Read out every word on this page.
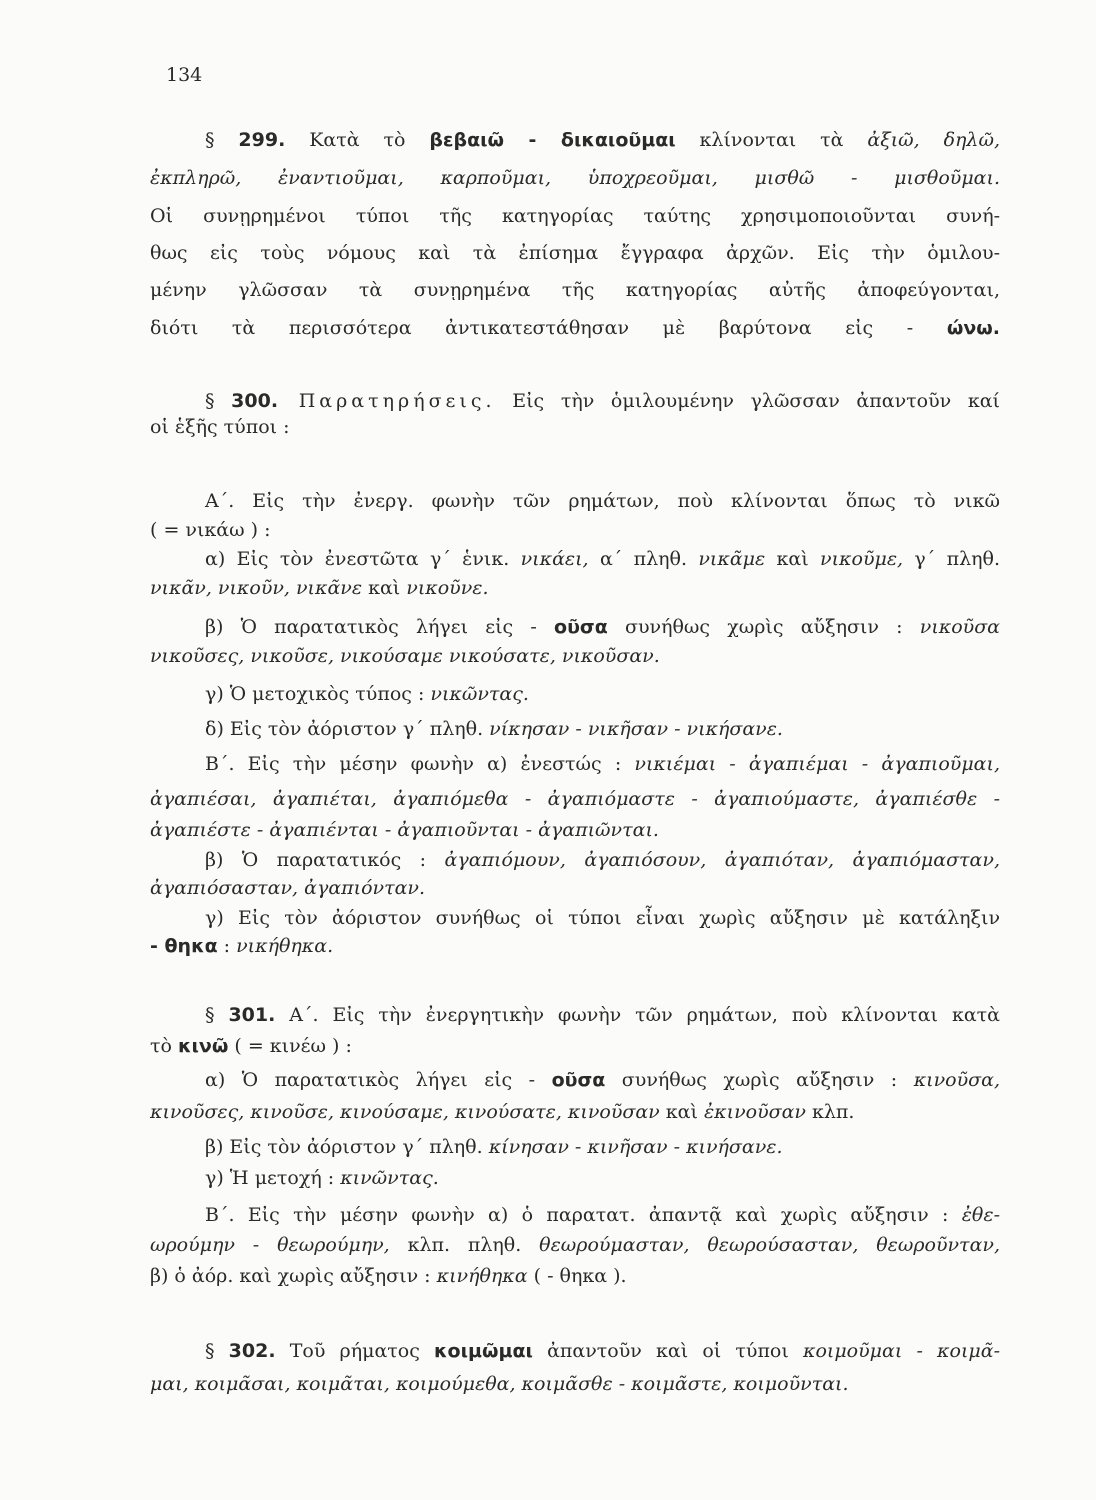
134
§ 299. Κατὰ τὸ βεβαιῶ - δικαιοῦμαι κλίνονται τὰ ἀξιῶ, δηλῶ,
ἐκπληρῶ, ἐναντιοῦμαι, καρποῦμαι, ὑποχρεοῦμαι, μισθῶ - μισθοῦμαι.
Οἱ συνῃρημένοι τύποι τῆς κατηγορίας ταύτης χρησιμοποιοῦνται συνή-
θως εἰς τοὺς νόμους καὶ τὰ ἐπίσημα ἔγγραφα ἀρχῶν. Εἰς τὴν ὁμιλου-
μένην γλῶσσαν τὰ συνῃρημένα τῆς κατηγορίας αὐτῆς ἀποφεύγονται,
διότι τὰ περισσότερα ἀντικατεστάθησαν μὲ βαρύτονα εἰς - ώνω.
§ 300. Παρατηρήσεις. Εἰς τὴν ὁμιλουμένην γλῶσσαν ἀπαντοῦν καί
οἱ ἑξῆς τύποι :
Α΄. Εἰς τὴν ἐνεργ. φωνὴν τῶν ρημάτων, ποὺ κλίνονται ὅπως τὸ νικῶ
( = νικάω ) :
α) Εἰς τὸν ἐνεστῶτα γ΄ ἑνικ. νικάει, α΄ πληθ. νικᾶμε καὶ νικοῦμε, γ΄ πληθ.
νικᾶν, νικοῦν, νικᾶνε καὶ νικοῦνε.
β) Ὁ παρατατικὸς λήγει εἰς - οῦσα συνήθως χωρὶς αὔξησιν : νικοῦσα
νικοῦσες, νικοῦσε, νικούσαμε νικούσατε, νικοῦσαν.
γ) Ὁ μετοχικὸς τύπος : νικῶντας.
δ) Εἰς τὸν ἀόριστον γ΄ πληθ. νίκησαν - νικῆσαν - νικήσανε.
Β΄. Εἰς τὴν μέσην φωνὴν α) ἐνεστώς : νικιέμαι - ἀγαπιέμαι - ἀγαπιοῦμαι,
ἀγαπιέσαι, ἀγαπιέται, ἀγαπιόμεθα - ἀγαπιόμαστε - ἀγαπιούμαστε, ἀγαπιέσθε -
ἀγαπιέστε - ἀγαπιένται - ἀγαπιοῦνται - ἀγαπιῶνται.
β) Ὁ παρατατικός : ἀγαπιόμουν, ἀγαπιόσουν, ἀγαπιόταν, ἀγαπιόμασταν,
ἀγαπιόσασταν, ἀγαπιόνταν.
γ) Εἰς τὸν ἀόριστον συνήθως οἱ τύποι εἶναι χωρὶς αὔξησιν μὲ κατάληξιν
- θηκα : νικήθηκα.
§ 301. Α΄. Εἰς τὴν ἐνεργητικὴν φωνὴν τῶν ρημάτων, ποὺ κλίνονται κατὰ
τὸ κινῶ ( = κινέω ) :
α) Ὁ παρατατικὸς λήγει εἰς - οῦσα συνήθως χωρὶς αὔξησιν : κινοῦσα,
κινοῦσες, κινοῦσε, κινούσαμε, κινούσατε, κινοῦσαν καὶ ἐκινοῦσαν κλπ.
β) Εἰς τὸν ἀόριστον γ΄ πληθ. κίνησαν - κινῆσαν - κινήσανε.
γ) Ἡ μετοχή : κινῶντας.
Β΄. Εἰς τὴν μέσην φωνὴν α) ὁ παρατατ. ἀπαντᾷ καὶ χωρὶς αὔξησιν : ἐθε-
ωρούμην - θεωρούμην, κλπ. πληθ. θεωρούμασταν, θεωρούσασταν, θεωροῦνταν,
β) ὁ ἀόρ. καὶ χωρὶς αὔξησιν : κινήθηκα ( - θηκα ).
§ 302. Τοῦ ρήματος κοιμῶμαι ἀπαντοῦν καὶ οἱ τύποι κοιμοῦμαι - κοιμᾶ-
μαι, κοιμᾶσαι, κοιμᾶται, κοιμούμεθα, κοιμᾶσθε - κοιμᾶστε, κοιμοῦνται.
